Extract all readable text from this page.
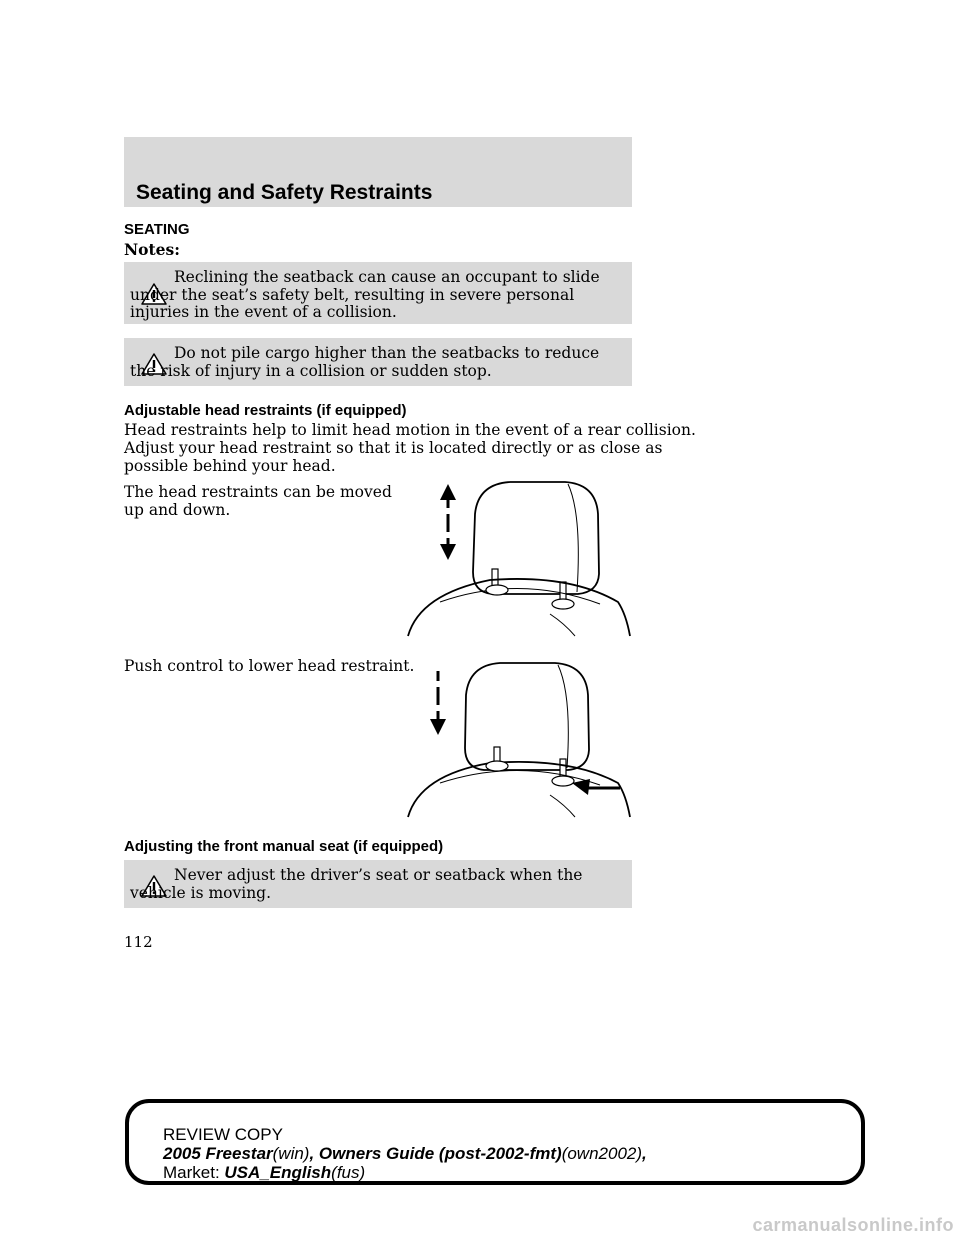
Seating and Safety Restraints
SEATING
Notes:
Reclining the seatback can cause an occupant to slide under the seat’s safety belt, resulting in severe personal injuries in the event of a collision.
Do not pile cargo higher than the seatbacks to reduce the risk of injury in a collision or sudden stop.
Adjustable head restraints (if equipped)
Head restraints help to limit head motion in the event of a rear collision.
Adjust your head restraint so that it is located directly or as close as
possible behind your head.
The head restraints can be moved
up and down.
Push control to lower head restraint.
Adjusting the front manual seat (if equipped)
Never adjust the driver’s seat or seatback when the vehicle is moving.
112
REVIEW COPY
2005 Freestar(win), Owners Guide (post-2002-fmt)(own2002),
Market: USA_English(fus)
carmanualsonline.info
